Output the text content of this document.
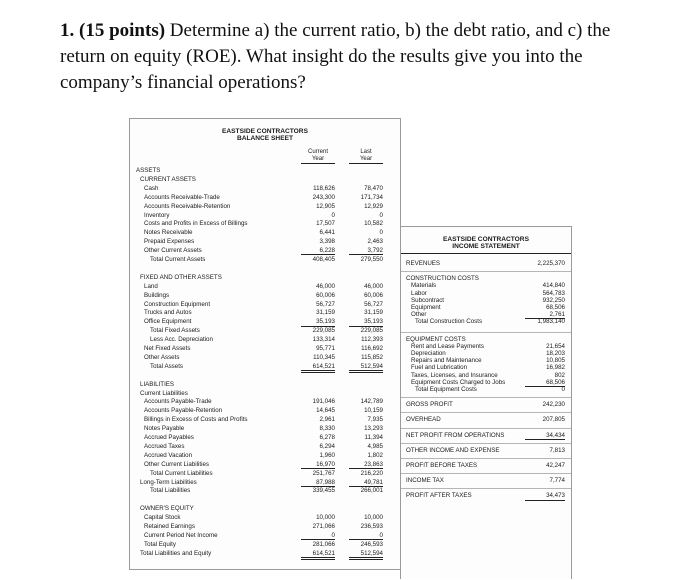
1. (15 points) Determine a) the current ratio, b) the debt ratio, and c) the return on equity (ROE). What insight do the results give you into the company’s financial operations?
EASTSIDE CONTRACTORS
BALANCE SHEET
Current
Year
Last
Year
ASSETS
CURRENT ASSETS
Cash	118,626	78,470
Accounts Receivable-Trade	243,300	171,734
Accounts Receivable-Retention	12,905	12,929
Inventory	0	0
Costs and Profits in Excess of Billings	17,507	10,582
Notes Receivable	6,441	0
Prepaid Expenses	3,398	2,463
Other Current Assets	6,228	3,792
Total Current Assets	408,405	279,550
FIXED AND OTHER ASSETS
Land	46,000	46,000
Buildings	60,006	60,006
Construction Equipment	56,727	56,727
Trucks and Autos	31,159	31,159
Office Equipment	35,193	35,193
Total Fixed Assets	229,085	229,085
Less Acc. Depreciation	133,314	112,393
Net Fixed Assets	95,771	116,692
Other Assets	110,345	115,852
Total Assets	614,521	512,594
LIABILITIES
Current Liabilities
Accounts Payable-Trade	191,046	142,789
Accounts Payable-Retention	14,645	10,159
Billings in Excess of Costs and Profits	2,961	7,935
Notes Payable	8,330	13,293
Accrued Payables	6,278	11,394
Accrued Taxes	6,294	4,985
Accrued Vacation	1,960	1,802
Other Current Liabilities	16,970	23,863
Total Current Liabilities	251,767	216,220
Long-Term Liabilities	87,988	49,781
Total Liabilities	339,455	266,001
OWNER'S EQUITY
Capital Stock	10,000	10,000
Retained Earnings	271,066	236,593
Current Period Net Income	0	0
Total Equity	281,066	246,593
Total Liabilities and Equity	614,521	512,594
EASTSIDE CONTRACTORS
INCOME STATEMENT
REVENUES	2,225,370
CONSTRUCTION COSTS
Materials	414,840
Labor	564,783
Subcontract	932,250
Equipment	68,506
Other	2,761
Total Construction Costs	1,983,140
EQUIPMENT COSTS
Rent and Lease Payments	21,654
Depreciation	18,203
Repairs and Maintenance	10,805
Fuel and Lubrication	16,982
Taxes, Licenses, and Insurance	802
Equipment Costs Charged to Jobs	68,506
Total Equipment Costs	0
GROSS PROFIT	242,230
OVERHEAD	207,805
NET PROFIT FROM OPERATIONS	34,434
OTHER INCOME AND EXPENSE	7,813
PROFIT BEFORE TAXES	42,247
INCOME TAX	7,774
PROFIT AFTER TAXES	34,473
